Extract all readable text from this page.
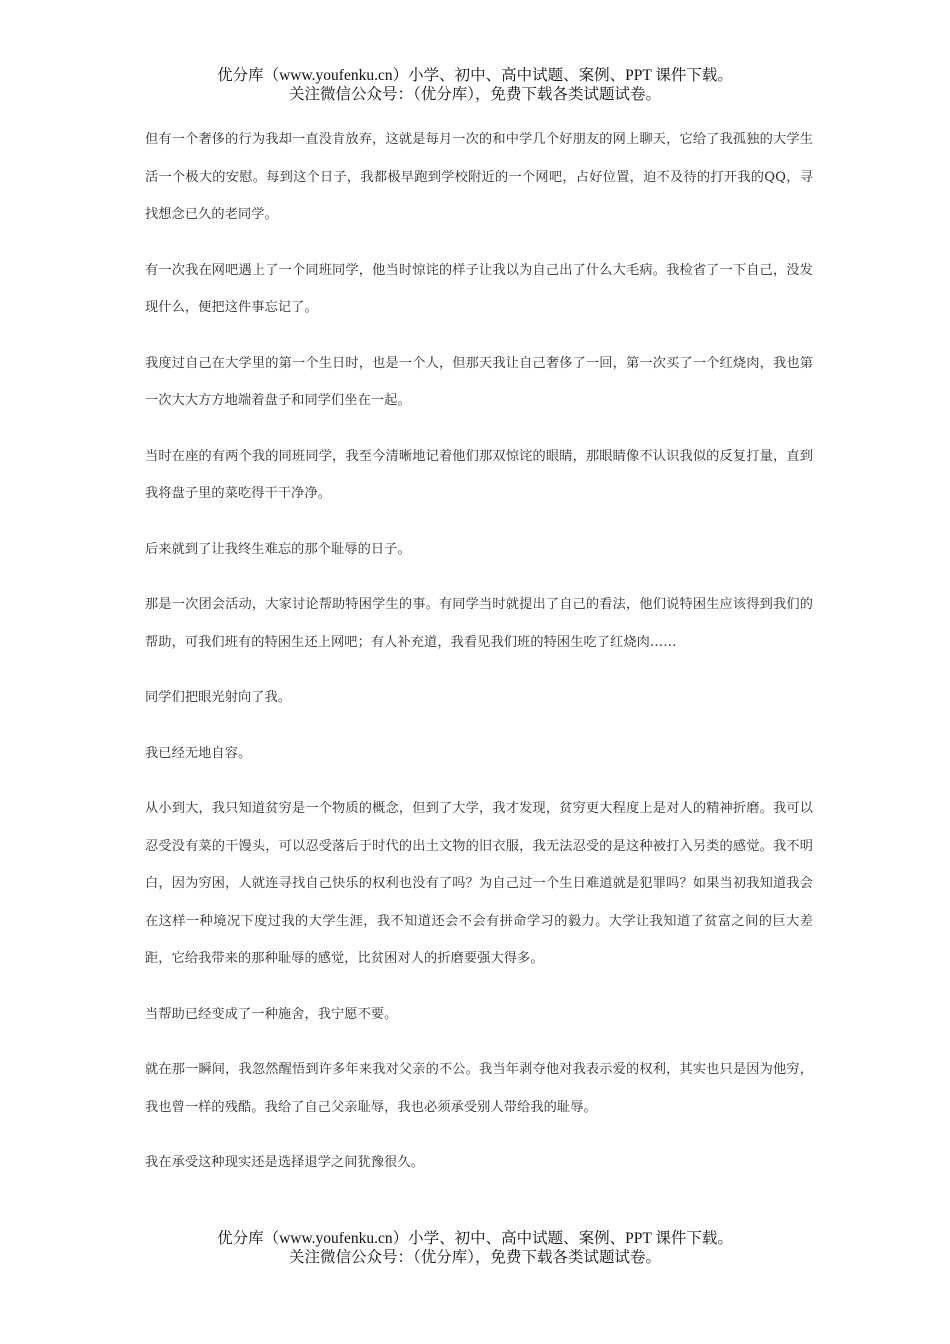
优分库（www.youfenku.cn）小学、初中、高中试题、案例、PPT 课件下载。
关注微信公众号：（优分库），免费下载各类试题试卷。

但有一个奢侈的行为我却一直没肯放弃，这就是每月一次的和中学几个好朋友的网上聊天，它给了我孤独的大学生活一个极大的安慰。每到这个日子，我都极早跑到学校附近的一个网吧，占好位置，迫不及待的打开我的QQ，寻找想念已久的老同学。

有一次我在网吧遇上了一个同班同学，他当时惊诧的样子让我以为自己出了什么大毛病。我检省了一下自己，没发现什么，便把这件事忘记了。

我度过自己在大学里的第一个生日时，也是一个人，但那天我让自己奢侈了一回，第一次买了一个红烧肉，我也第一次大大方方地端着盘子和同学们坐在一起。

当时在座的有两个我的同班同学，我至今清晰地记着他们那双惊诧的眼睛，那眼睛像不认识我似的反复打量，直到我将盘子里的菜吃得干干净净。

后来就到了让我终生难忘的那个耻辱的日子。

那是一次团会活动，大家讨论帮助特困学生的事。有同学当时就提出了自己的看法，他们说特困生应该得到我们的帮助，可我们班有的特困生还上网吧；有人补充道，我看见我们班的特困生吃了红烧肉……

同学们把眼光射向了我。

我已经无地自容。

从小到大，我只知道贫穷是一个物质的概念，但到了大学，我才发现，贫穷更大程度上是对人的精神折磨。我可以忍受没有菜的干馒头，可以忍受落后于时代的出土文物的旧衣服，我无法忍受的是这种被打入另类的感觉。我不明白，因为穷困，人就连寻找自己快乐的权利也没有了吗？为自己过一个生日难道就是犯罪吗？如果当初我知道我会在这样一种境况下度过我的大学生涯，我不知道还会不会有拼命学习的毅力。大学让我知道了贫富之间的巨大差距，它给我带来的那种耻辱的感觉，比贫困对人的折磨要强大得多。

当帮助已经变成了一种施舍，我宁愿不要。

就在那一瞬间，我忽然醒悟到许多年来我对父亲的不公。我当年剥夺他对我表示爱的权利，其实也只是因为他穷，我也曾一样的残酷。我给了自己父亲耻辱，我也必须承受别人带给我的耻辱。

我在承受这种现实还是选择退学之间犹豫很久。

优分库（www.youfenku.cn）小学、初中、高中试题、案例、PPT 课件下载。
关注微信公众号：（优分库），免费下载各类试题试卷。
